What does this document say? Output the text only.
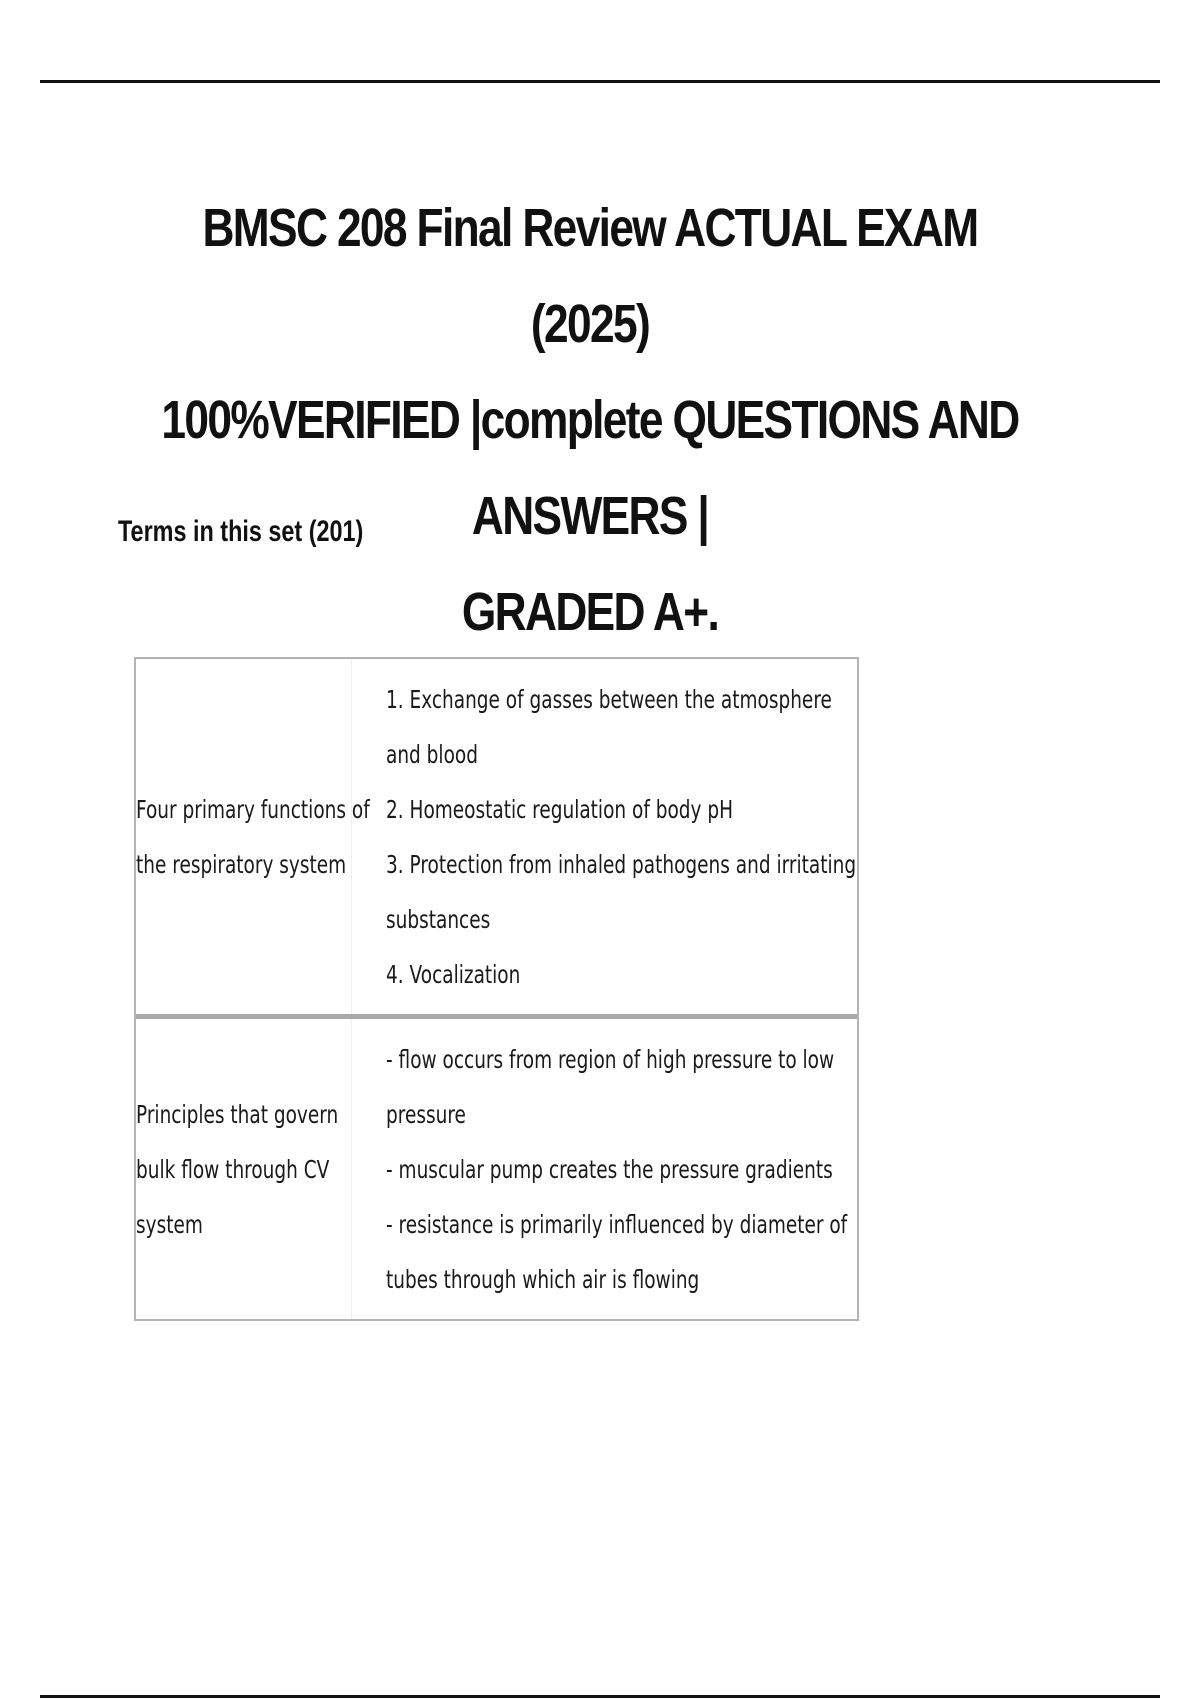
BMSC 208 Final Review ACTUAL EXAM (2025)
100%VERIFIED |complete QUESTIONS AND ANSWERS |
GRADED A+.
Terms in this set (201)
Four primary functions of
the respiratory system
1. Exchange of gasses between the atmosphere
and blood
2. Homeostatic regulation of body pH
3. Protection from inhaled pathogens and irritating
substances
4. Vocalization
Principles that govern
bulk flow through CV
system
- flow occurs from region of high pressure to low
pressure
- muscular pump creates the pressure gradients
- resistance is primarily influenced by diameter of
tubes through which air is flowing
